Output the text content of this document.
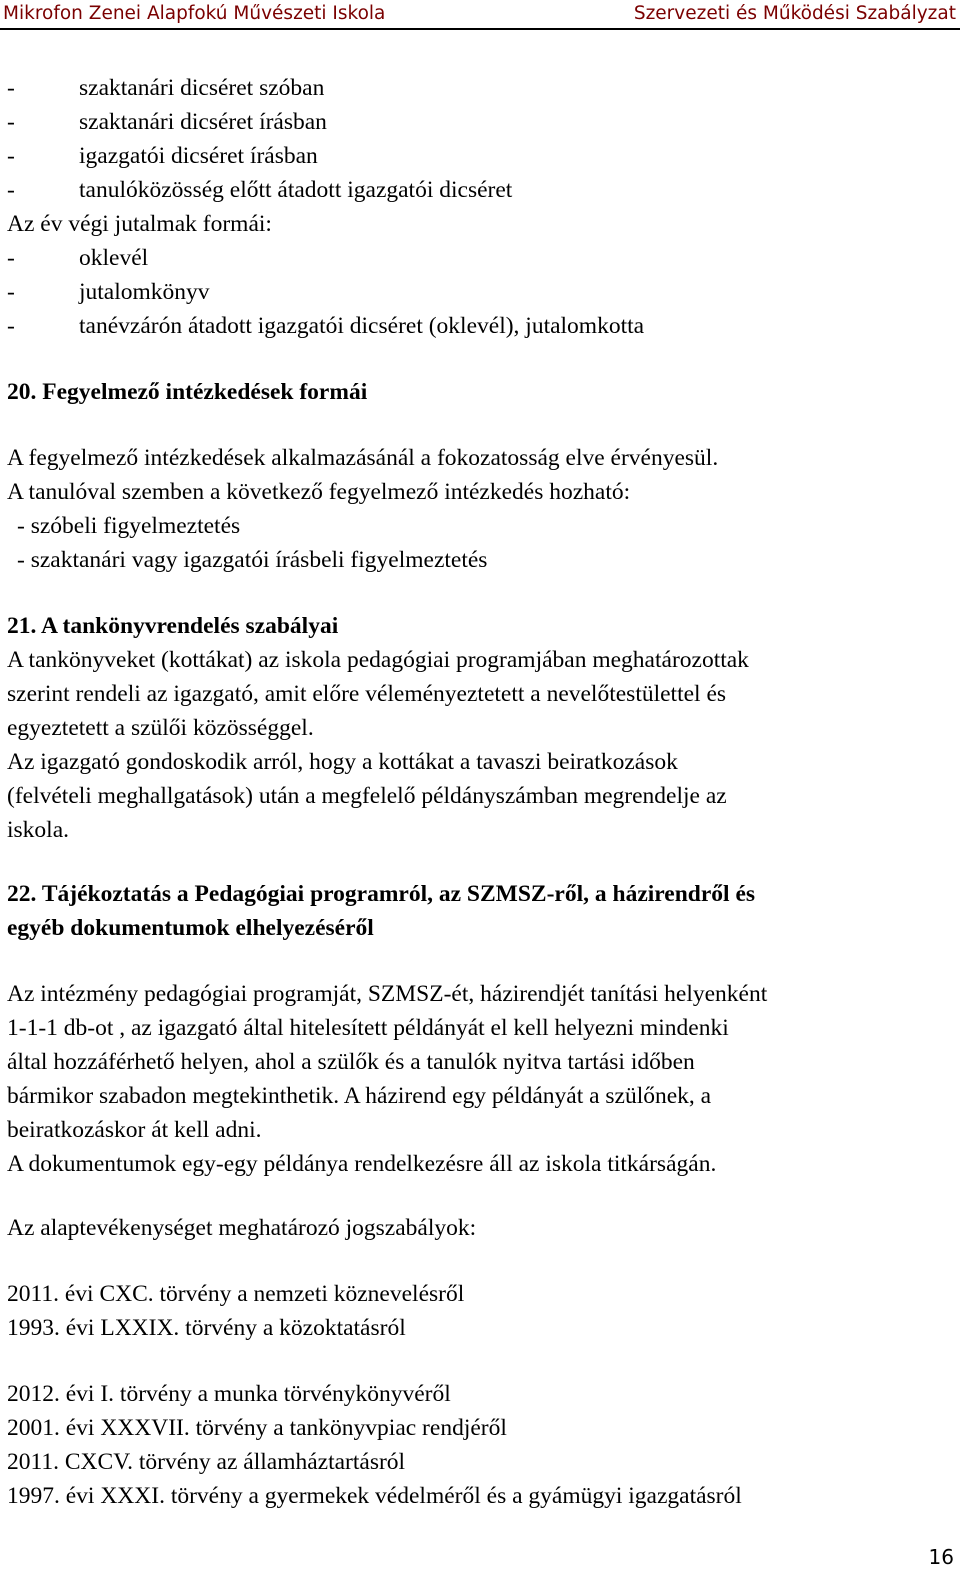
Mikrofon Zenei Alapfokú Művészeti Iskola	Szervezeti és Működési Szabályzat
-	szaktanári dicséret szóban
-	szaktanári dicséret írásban
-	igazgatói dicséret írásban
-	tanulóközösség előtt átadott igazgatói dicséret
Az év végi jutalmak formái:
-	oklevél
-	jutalomkönyv
-	tanévzárón átadott igazgatói dicséret (oklevél), jutalomkotta
20. Fegyelmező intézkedések formái
A fegyelmező intézkedések alkalmazásánál a fokozatosság elve érvényesül.
A tanulóval szemben a következő fegyelmező intézkedés hozható:
- szóbeli figyelmeztetés
- szaktanári vagy igazgatói írásbeli figyelmeztetés
21. A tankönyvrendelés szabályai
A tankönyveket (kottákat) az iskola pedagógiai programjában meghatározottak
szerint rendeli az igazgató, amit előre véleményeztetett a nevelőtestülettel és
egyeztetett a szülői közösséggel.
Az igazgató gondoskodik arról, hogy a kottákat a tavaszi beiratkozások
(felvételi meghallgatások) után a megfelelő példányszámban megrendelje az
iskola.
22. Tájékoztatás a Pedagógiai programról, az SZMSZ-ről, a házirendről és
egyéb dokumentumok elhelyezéséről
Az intézmény pedagógiai programját, SZMSZ-ét, házirendjét tanítási helyenként
1-1-1 db-ot , az igazgató által hitelesített példányát el kell helyezni mindenki
által hozzáférhető helyen, ahol a szülők és a tanulók nyitva tartási időben
bármikor szabadon megtekinthetik. A házirend egy példányát a szülőnek, a
beiratkozáskor át kell adni.
A dokumentumok egy-egy példánya rendelkezésre áll az iskola titkárságán.
Az alaptevékenységet meghatározó jogszabályok:
2011. évi CXC. törvény a nemzeti köznevelésről
1993. évi LXXIX. törvény a közoktatásról
2012. évi I. törvény a munka törvénykönyvéről
2001. évi XXXVII. törvény a tankönyvpiac rendjéről
2011. CXCV. törvény az államháztartásról
1997. évi XXXI. törvény a gyermekek védelméről és a gyámügyi igazgatásról
16
